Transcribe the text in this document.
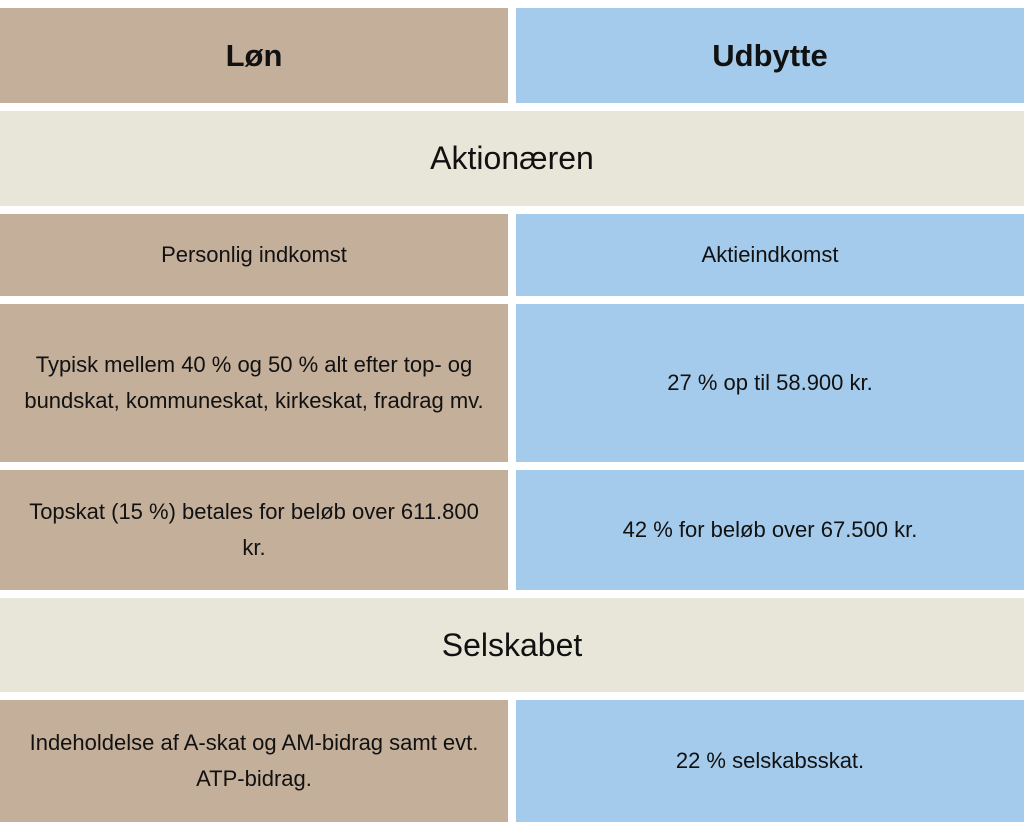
Løn	Udbytte
Aktionæren
Personlig indkomst	Aktieindkomst
Typisk mellem 40 % og 50 % alt efter top- og bundskat, kommuneskat, kirkeskat, fradrag mv.
27 % op til 58.900 kr.
Topskat (15 %) betales for beløb over 611.800 kr.
42 % for beløb over 67.500 kr.
Selskabet
Indeholdelse af A-skat og AM-bidrag samt evt. ATP-bidrag.
22 % selskabsskat.
